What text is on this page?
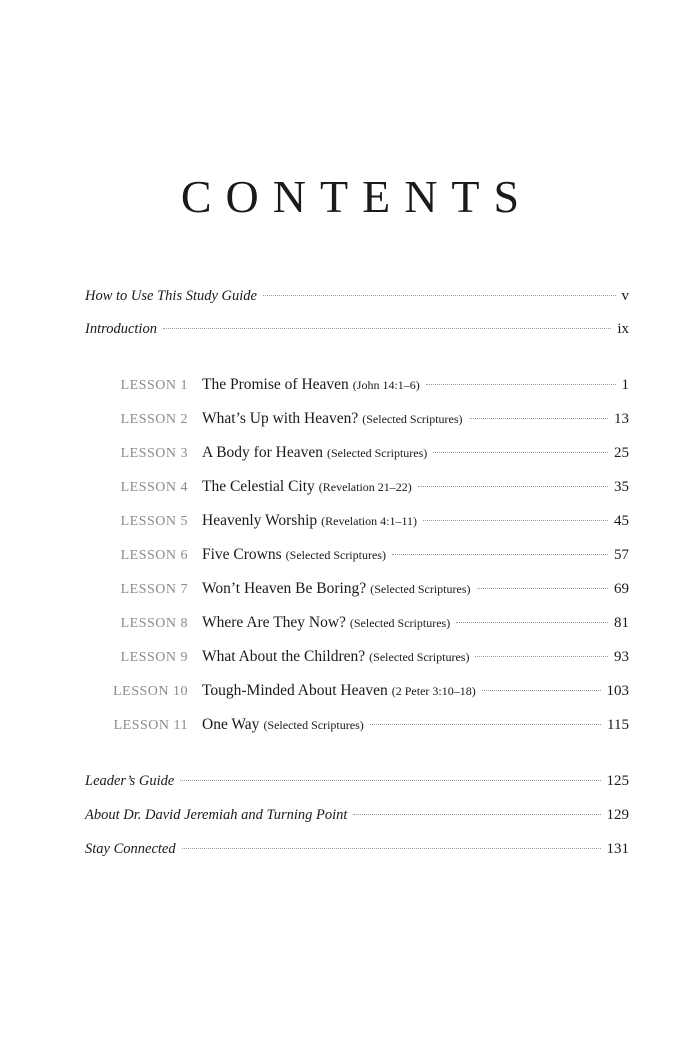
CONTENTS
How to Use This Study Guide	v
Introduction	ix
LESSON 1 The Promise of Heaven (John 14:1–6)	1
LESSON 2 What’s Up with Heaven? (Selected Scriptures)	13
LESSON 3 A Body for Heaven (Selected Scriptures)	25
LESSON 4 The Celestial City (Revelation 21–22)	35
LESSON 5 Heavenly Worship (Revelation 4:1–11)	45
LESSON 6 Five Crowns (Selected Scriptures)	57
LESSON 7 Won’t Heaven Be Boring? (Selected Scriptures)	69
LESSON 8 Where Are They Now? (Selected Scriptures)	81
LESSON 9 What About the Children? (Selected Scriptures)	93
LESSON 10 Tough-Minded About Heaven (2 Peter 3:10–18)	103
LESSON 11 One Way (Selected Scriptures)	115
Leader’s Guide	125
About Dr. David Jeremiah and Turning Point	129
Stay Connected	131
